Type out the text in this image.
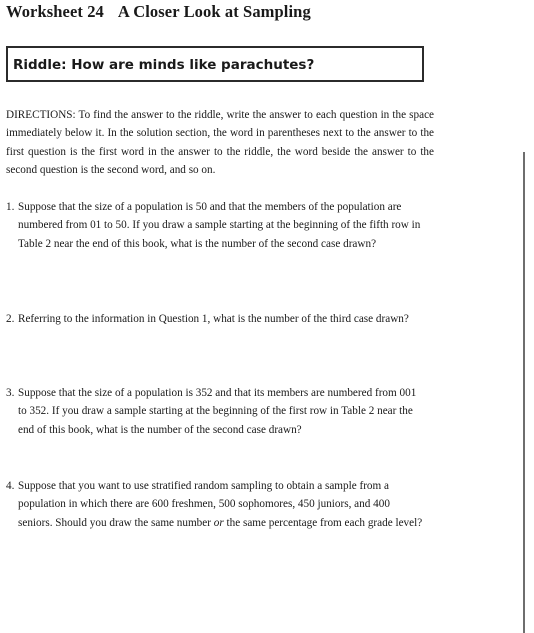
Worksheet 24 A Closer Look at Sampling
Riddle: How are minds like parachutes?
DIRECTIONS: To find the answer to the riddle, write the answer to each question in the space immediately below it. In the solution section, the word in parentheses next to the answer to the first question is the first word in the answer to the riddle, the word beside the answer to the second question is the second word, and so on.
1. Suppose that the size of a population is 50 and that the members of the population are numbered from 01 to 50. If you draw a sample starting at the beginning of the fifth row in Table 2 near the end of this book, what is the number of the second case drawn?
2. Referring to the information in Question 1, what is the number of the third case drawn?
3. Suppose that the size of a population is 352 and that its members are numbered from 001 to 352. If you draw a sample starting at the beginning of the first row in Table 2 near the end of this book, what is the number of the second case drawn?
4. Suppose that you want to use stratified random sampling to obtain a sample from a population in which there are 600 freshmen, 500 sophomores, 450 juniors, and 400 seniors. Should you draw the same number or the same percentage from each grade level?
